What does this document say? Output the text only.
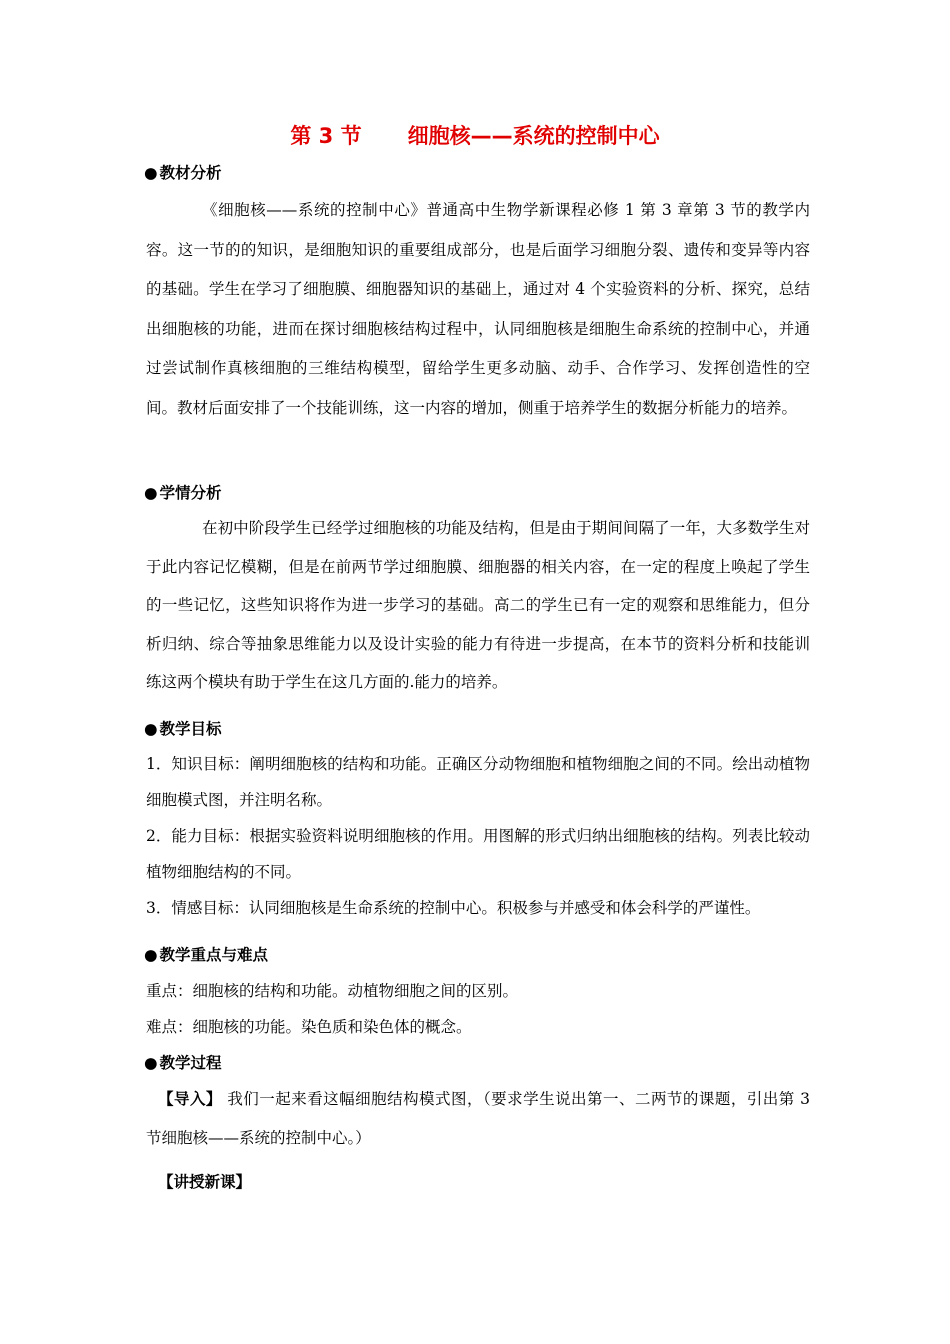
第 3 节 细胞核——系统的控制中心
● 教材分析

《细胞核——系统的控制中心》普通高中生物学新课程必修 1 第 3 章第 3 节的教学内容。这一节的的知识，是细胞知识的重要组成部分，也是后面学习细胞分裂、遗传和变异等内容的基础。学生在学习了细胞膜、细胞器知识的基础上，通过对 4 个实验资料的分析、探究，总结出细胞核的功能，进而在探讨细胞核结构过程中，认同细胞核是细胞生命系统的控制中心，并通过尝试制作真核细胞的三维结构模型，留给学生更多动脑、动手、合作学习、发挥创造性的空间。教材后面安排了一个技能训练，这一内容的增加，侧重于培养学生的数据分析能力的培养。

● 学情分析

在初中阶段学生已经学过细胞核的功能及结构，但是由于期间间隔了一年，大多数学生对于此内容记忆模糊，但是在前两节学过细胞膜、细胞器的相关内容，在一定的程度上唤起了学生的一些记忆，这些知识将作为进一步学习的基础。高二的学生已有一定的观察和思维能力，但分析归纳、综合等抽象思维能力以及设计实验的能力有待进一步提高，在本节的资料分析和技能训练这两个模块有助于学生在这几方面的.能力的培养。

● 教学目标

1．知识目标：阐明细胞核的结构和功能。正确区分动物细胞和植物细胞之间的不同。绘出动植物细胞模式图，并注明名称。

2．能力目标：根据实验资料说明细胞核的作用。用图解的形式归纳出细胞核的结构。列表比较动植物细胞结构的不同。

3．情感目标：认同细胞核是生命系统的控制中心。积极参与并感受和体会科学的严谨性。

● 教学重点与难点

重点：细胞核的结构和功能。动植物细胞之间的区别。

难点：细胞核的功能。染色质和染色体的概念。

● 教学过程

【导入】 我们一起来看这幅细胞结构模式图，（要求学生说出第一、二两节的课题，引出第 3 节细胞核——系统的控制中心。）

【讲授新课】
